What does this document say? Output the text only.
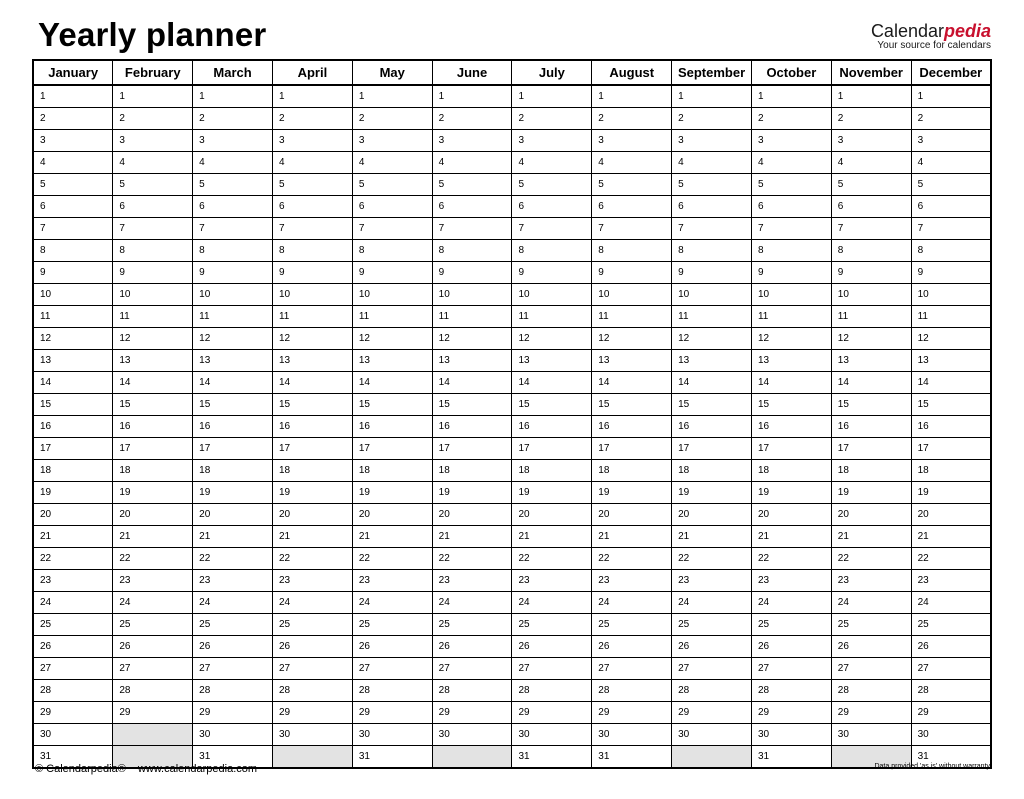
Yearly planner	Calendarpedia
Your source for calendars
January	February	March	April	May	June	July	August	September	October	November	December
1	1	1	1	1	1	1	1	1	1	1	1
2	2	2	2	2	2	2	2	2	2	2	2
3	3	3	3	3	3	3	3	3	3	3	3
4	4	4	4	4	4	4	4	4	4	4	4
5	5	5	5	5	5	5	5	5	5	5	5
6	6	6	6	6	6	6	6	6	6	6	6
7	7	7	7	7	7	7	7	7	7	7	7
8	8	8	8	8	8	8	8	8	8	8	8
9	9	9	9	9	9	9	9	9	9	9	9
10	10	10	10	10	10	10	10	10	10	10	10
11	11	11	11	11	11	11	11	11	11	11	11
12	12	12	12	12	12	12	12	12	12	12	12
13	13	13	13	13	13	13	13	13	13	13	13
14	14	14	14	14	14	14	14	14	14	14	14
15	15	15	15	15	15	15	15	15	15	15	15
16	16	16	16	16	16	16	16	16	16	16	16
17	17	17	17	17	17	17	17	17	17	17	17
18	18	18	18	18	18	18	18	18	18	18	18
19	19	19	19	19	19	19	19	19	19	19	19
20	20	20	20	20	20	20	20	20	20	20	20
21	21	21	21	21	21	21	21	21	21	21	21
22	22	22	22	22	22	22	22	22	22	22	22
23	23	23	23	23	23	23	23	23	23	23	23
24	24	24	24	24	24	24	24	24	24	24	24
25	25	25	25	25	25	25	25	25	25	25	25
26	26	26	26	26	26	26	26	26	26	26	26
27	27	27	27	27	27	27	27	27	27	27	27
28	28	28	28	28	28	28	28	28	28	28	28
29	29	29	29	29	29	29	29	29	29	29	29
30		30	30	30	30	30	30	30	30	30	30
31		31		31		31	31		31		31
© Calendarpedia® www.calendarpedia.com	Data provided 'as is' without warranty
